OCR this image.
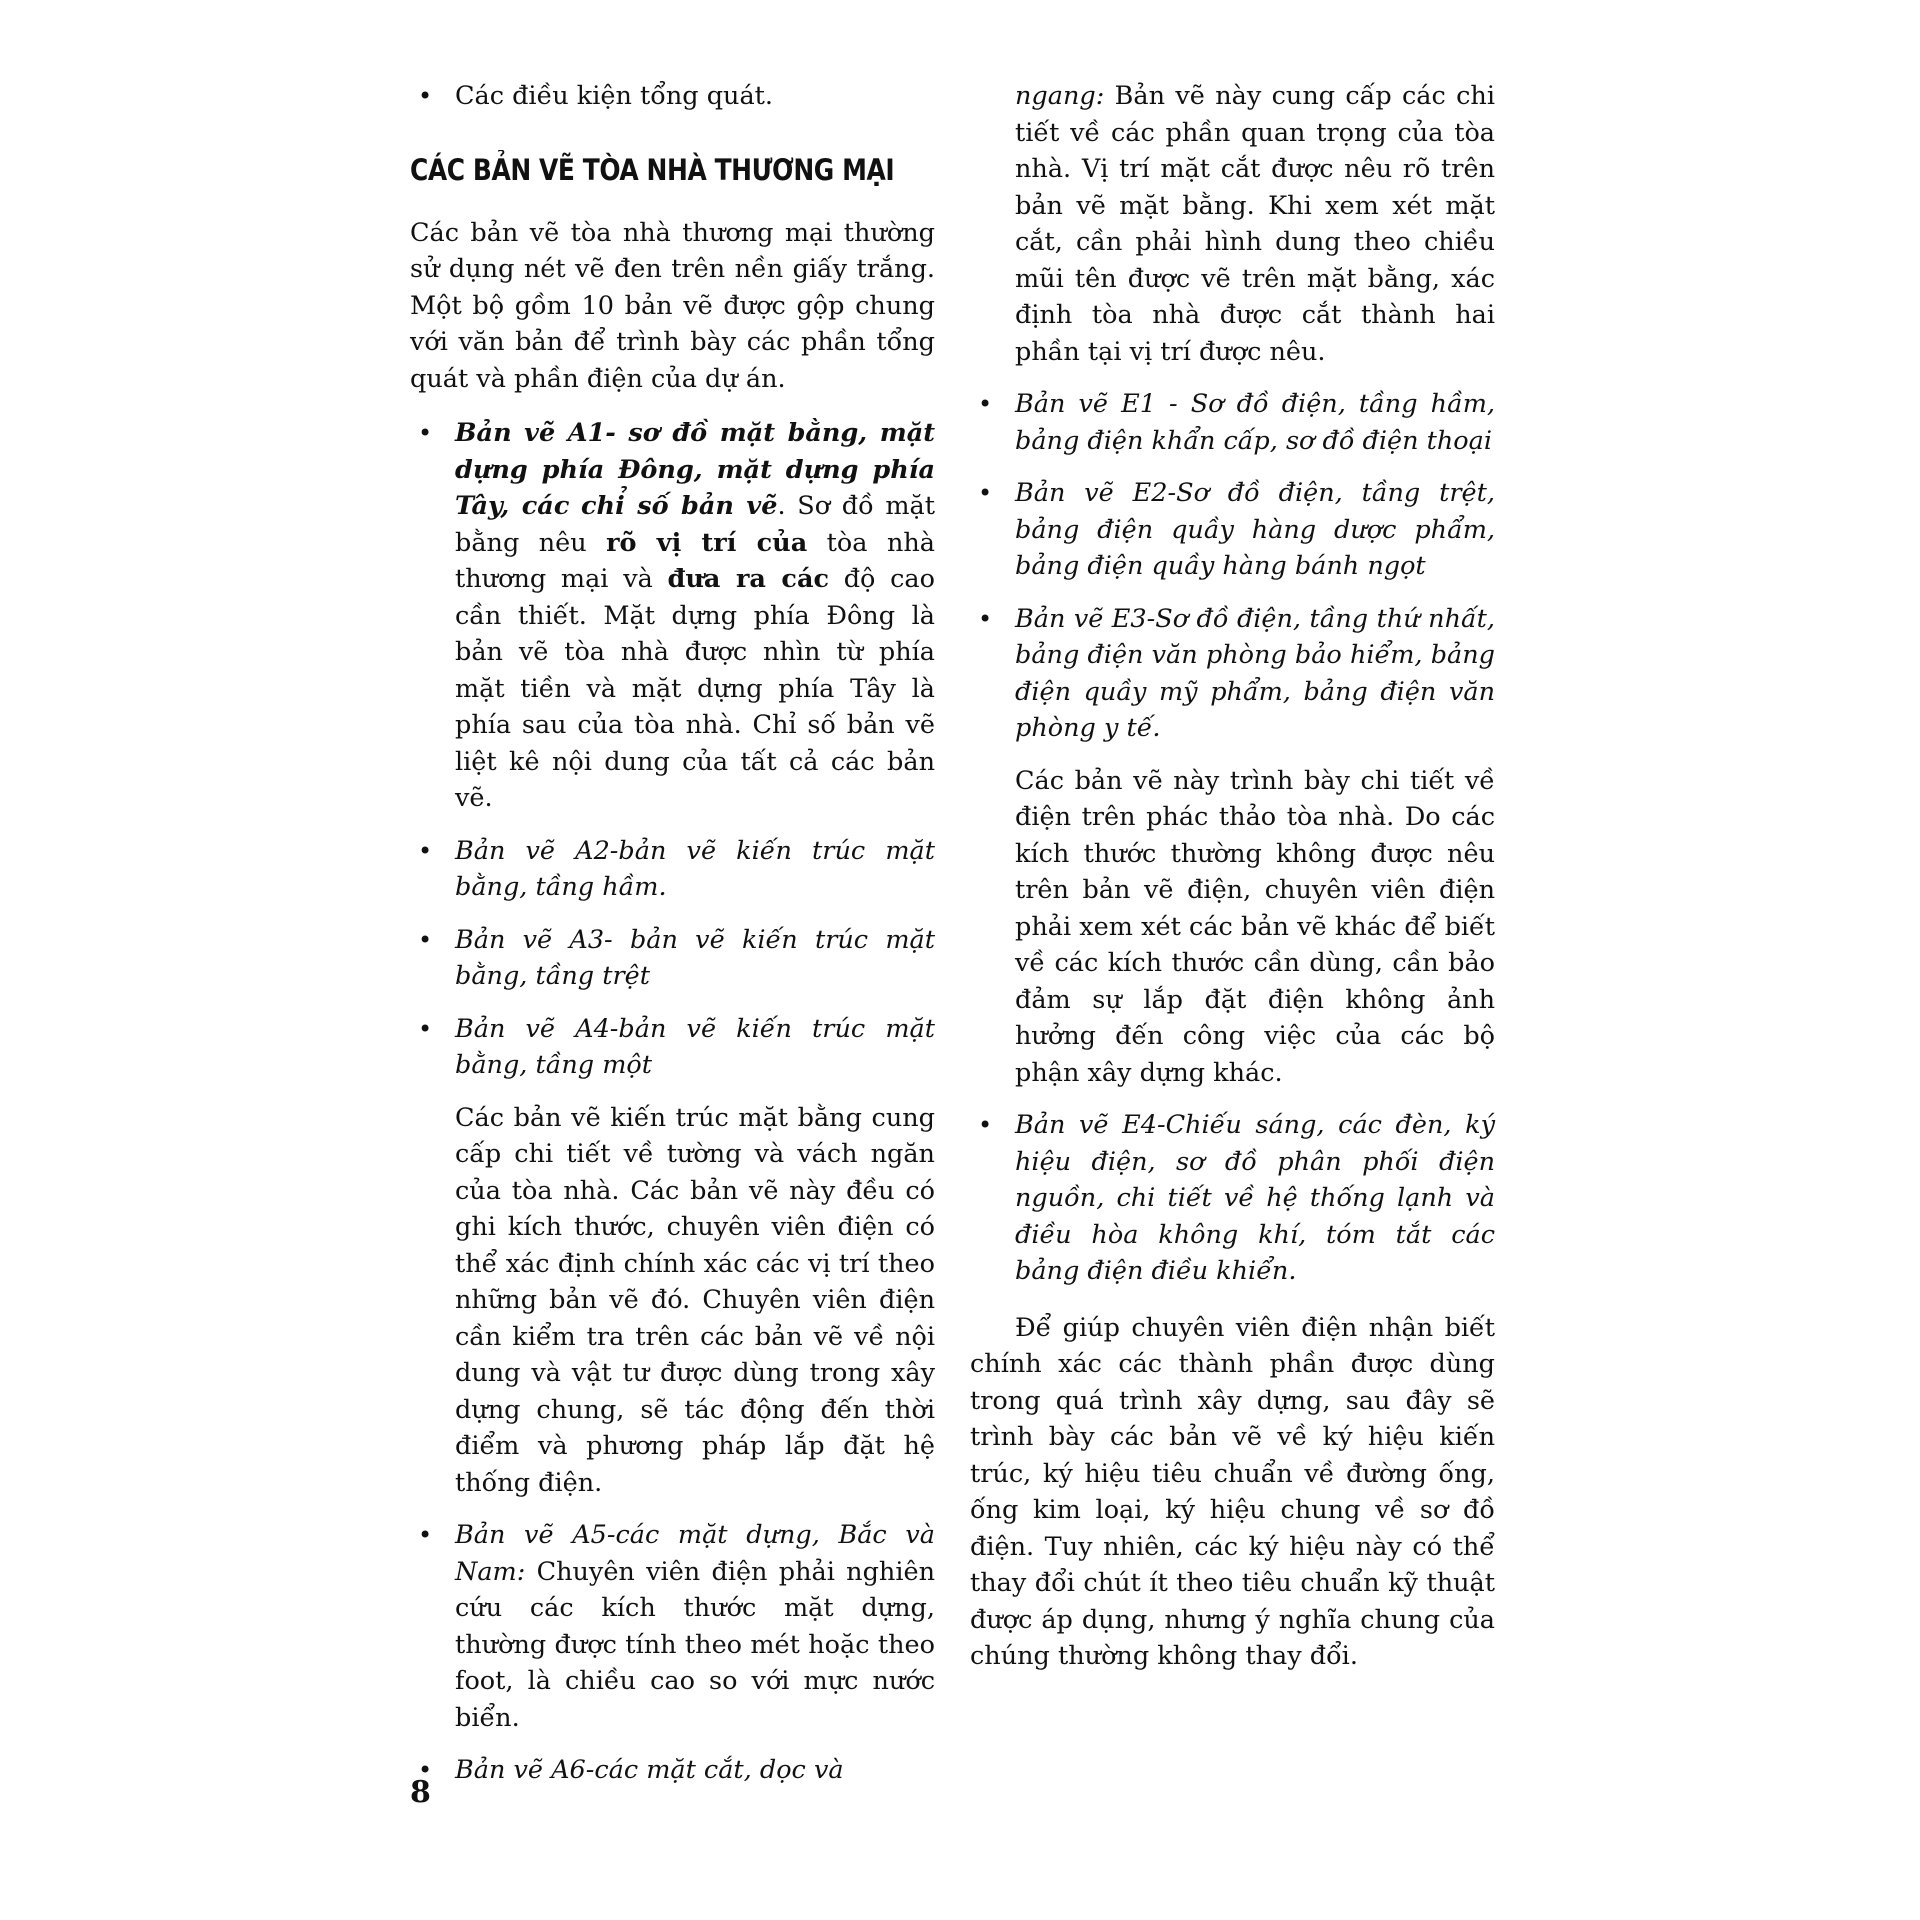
• Các điều kiện tổng quát.
CÁC BẢN VẼ TÒA NHÀ THƯƠNG MẠI

Các bản vẽ tòa nhà thương mại thường sử dụng nét vẽ đen trên nền giấy trắng. Một bộ gồm 10 bản vẽ được gộp chung với văn bản để trình bày các phần tổng quát và phần điện của dự án.

• Bản vẽ A1- sơ đồ mặt bằng, mặt dựng phía Đông, mặt dựng phía Tây, các chỉ số bản vẽ. Sơ đồ mặt bằng nêu rõ vị trí của tòa nhà thương mại và đưa ra các độ cao cần thiết. Mặt dựng phía Đông là bản vẽ tòa nhà được nhìn từ phía mặt tiền và mặt dựng phía Tây là phía sau của tòa nhà. Chỉ số bản vẽ liệt kê nội dung của tất cả các bản vẽ.
• Bản vẽ A2-bản vẽ kiến trúc mặt bằng, tầng hầm.
• Bản vẽ A3- bản vẽ kiến trúc mặt bằng, tầng trệt
• Bản vẽ A4-bản vẽ kiến trúc mặt bằng, tầng một

Các bản vẽ kiến trúc mặt bằng cung cấp chi tiết về tường và vách ngăn của tòa nhà. Các bản vẽ này đều có ghi kích thước, chuyên viên điện có thể xác định chính xác các vị trí theo những bản vẽ đó. Chuyên viên điện cần kiểm tra trên các bản vẽ về nội dung và vật tư được dùng trong xây dựng chung, sẽ tác động đến thời điểm và phương pháp lắp đặt hệ thống điện.

• Bản vẽ A5-các mặt dựng, Bắc và Nam: Chuyên viên điện phải nghiên cứu các kích thước mặt dựng, thường được tính theo mét hoặc theo foot, là chiều cao so với mực nước biển.
• Bản vẽ A6-các mặt cắt, dọc và

ngang: Bản vẽ này cung cấp các chi tiết về các phần quan trọng của tòa nhà. Vị trí mặt cắt được nêu rõ trên bản vẽ mặt bằng. Khi xem xét mặt cắt, cần phải hình dung theo chiều mũi tên được vẽ trên mặt bằng, xác định tòa nhà được cắt thành hai phần tại vị trí được nêu.

• Bản vẽ E1 - Sơ đồ điện, tầng hầm, bảng điện khẩn cấp, sơ đồ điện thoại
• Bản vẽ E2-Sơ đồ điện, tầng trệt, bảng điện quầy hàng dược phẩm, bảng điện quầy hàng bánh ngọt
• Bản vẽ E3-Sơ đồ điện, tầng thứ nhất, bảng điện văn phòng bảo hiểm, bảng điện quầy mỹ phẩm, bảng điện văn phòng y tế.

Các bản vẽ này trình bày chi tiết về điện trên phác thảo tòa nhà. Do các kích thước thường không được nêu trên bản vẽ điện, chuyên viên điện phải xem xét các bản vẽ khác để biết về các kích thước cần dùng, cần bảo đảm sự lắp đặt điện không ảnh hưởng đến công việc của các bộ phận xây dựng khác.

• Bản vẽ E4-Chiếu sáng, các đèn, ký hiệu điện, sơ đồ phân phối điện nguồn, chi tiết về hệ thống lạnh và điều hòa không khí, tóm tắt các bảng điện điều khiển.

Để giúp chuyên viên điện nhận biết chính xác các thành phần được dùng trong quá trình xây dựng, sau đây sẽ trình bày các bản vẽ về ký hiệu kiến trúc, ký hiệu tiêu chuẩn về đường ống, ống kim loại, ký hiệu chung về sơ đồ điện. Tuy nhiên, các ký hiệu này có thể thay đổi chút ít theo tiêu chuẩn kỹ thuật được áp dụng, nhưng ý nghĩa chung của chúng thường không thay đổi.

8
